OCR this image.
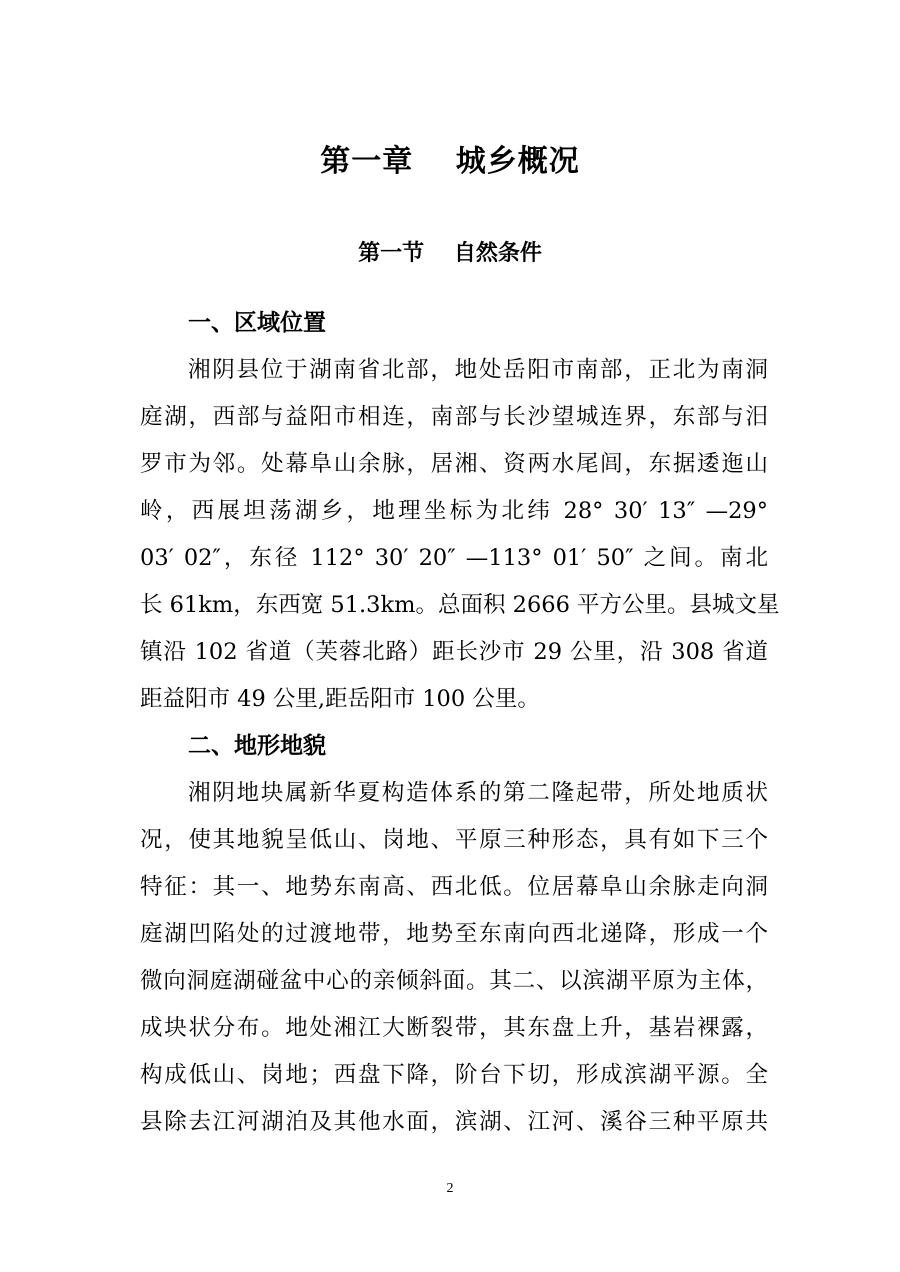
第一章　 城乡概况
第一节　 自然条件
一、区域位置
湘阴县位于湖南省北部，地处岳阳市南部，正北为南洞
庭湖，西部与益阳市相连，南部与长沙望城连界，东部与汨
罗市为邻。处幕阜山余脉，居湘、资两水尾闾，东据逶迤山
岭，西展坦荡湖乡，地理坐标为北纬 28° 30′ 13″ —29°
03′ 02″，东径 112° 30′ 20″ —113° 01′ 50″ 之间。南北
长 61km，东西宽 51.3km。总面积 2666 平方公里。县城文星
镇沿 102 省道（芙蓉北路）距长沙市 29 公里，沿 308 省道
距益阳市 49 公里,距岳阳市 100 公里。
二、地形地貌
湘阴地块属新华夏构造体系的第二隆起带，所处地质状
况，使其地貌呈低山、岗地、平原三种形态，具有如下三个
特征：其一、地势东南高、西北低。位居幕阜山余脉走向洞
庭湖凹陷处的过渡地带，地势至东南向西北递降，形成一个
微向洞庭湖碰盆中心的亲倾斜面。其二、以滨湖平原为主体，
成块状分布。地处湘江大断裂带，其东盘上升，基岩裸露，
构成低山、岗地；西盘下降，阶台下切，形成滨湖平源。全
县除去江河湖泊及其他水面，滨湖、江河、溪谷三种平原共
2
